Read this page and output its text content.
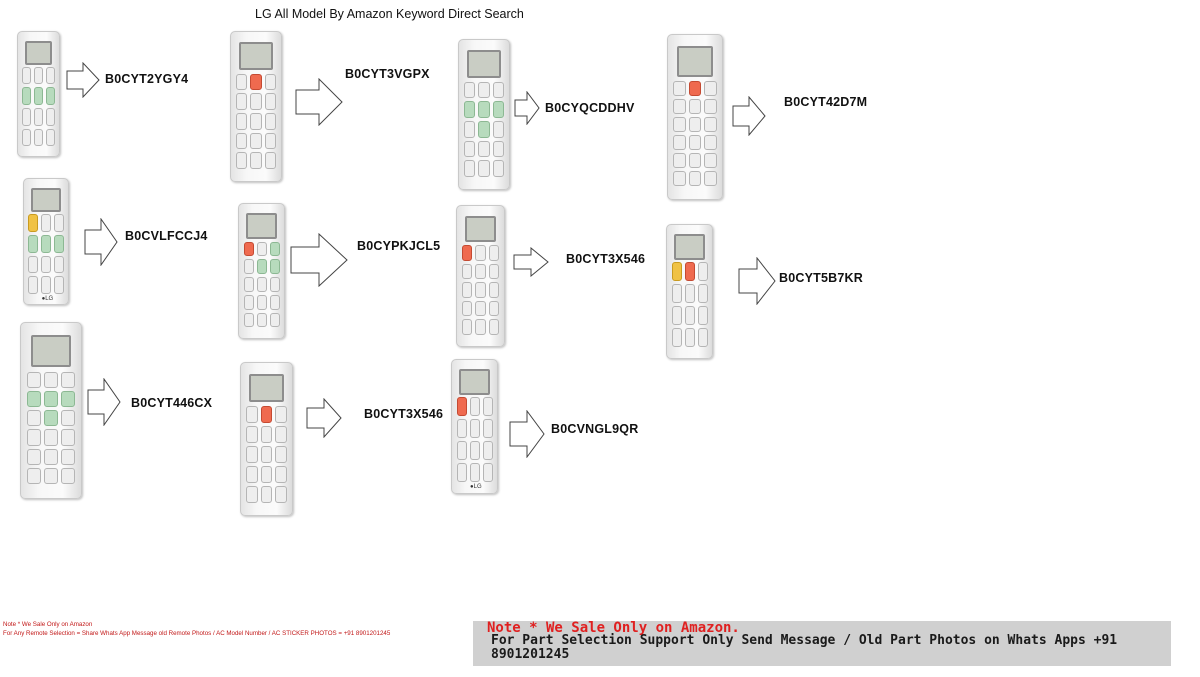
LG All Model By Amazon Keyword Direct Search
B0CYT2YGY4	B0CYT3VGPX
B0CYQCDDHV	B0CYT42D7M
●LG
B0CVLFCCJ4
B0CYPKJCL5
B0CYT3X546
B0CYT5B7KR
B0CYT446CX
B0CYT3X546
●LG
B0CVNGL9QR
Note * We Sale Only on Amazon
For Any Remote Selection = Share Whats App Message old Remote Photos / AC Model Number / AC STICKER PHOTOS = +91 8901201245	Note * We Sale Only on Amazon.
For Part Selection Support Only Send Message / Old Part Photos on Whats Apps +91 8901201245
